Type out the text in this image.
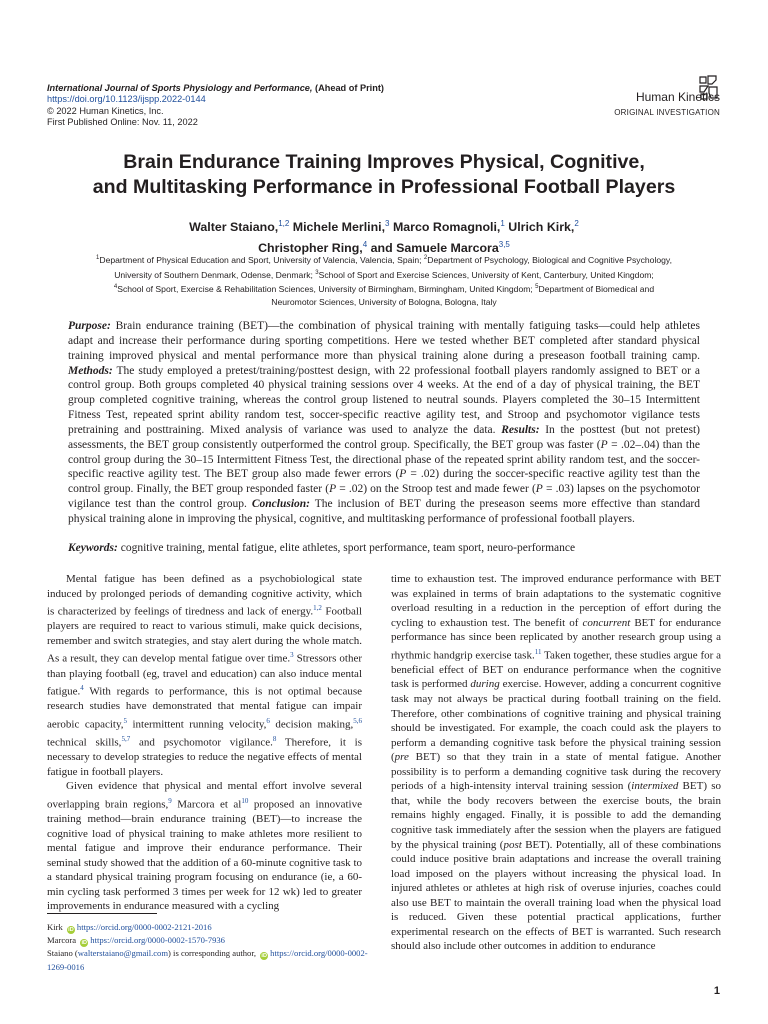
International Journal of Sports Physiology and Performance, (Ahead of Print)
https://doi.org/10.1123/ijspp.2022-0144
© 2022 Human Kinetics, Inc.
First Published Online: Nov. 11, 2022
Human Kinetics
ORIGINAL INVESTIGATION
Brain Endurance Training Improves Physical, Cognitive,
and Multitasking Performance in Professional Football Players
Walter Staiano,$^{1,2}$ Michele Merlini,$^3$ Marco Romagnoli,$^1$ Ulrich Kirk,$^2$
Christopher Ring,$^4$ and Samuele Marcora$^{3,5}$
$^1$Department of Physical Education and Sport, University of Valencia, Valencia, Spain; $^2$Department of Psychology, Biological and Cognitive Psychology,
University of Southern Denmark, Odense, Denmark; $^3$School of Sport and Exercise Sciences, University of Kent, Canterbury, United Kingdom;
$^4$School of Sport, Exercise & Rehabilitation Sciences, University of Birmingham, Birmingham, United Kingdom; $^5$Department of Biomedical and
Neuromotor Sciences, University of Bologna, Bologna, Italy

Purpose: Brain endurance training (BET)—the combination of physical training with mentally fatiguing tasks—could help athletes adapt and increase their performance during sporting competitions. Here we tested whether BET completed after standard physical training improved physical and mental performance more than physical training alone during a preseason football training camp. Methods: The study employed a pretest/training/posttest design, with 22 professional football players randomly assigned to BET or a control group. Both groups completed 40 physical training sessions over 4 weeks. At the end of a day of physical training, the BET group completed cognitive training, whereas the control group listened to neutral sounds. Players completed the 30–15 Intermittent Fitness Test, repeated sprint ability random test, soccer-specific reactive agility test, and Stroop and psychomotor vigilance tests pretraining and posttraining. Mixed analysis of variance was used to analyze the data. Results: In the posttest (but not pretest) assessments, the BET group consistently outperformed the control group. Specifically, the BET group was faster (P = .02–.04) than the control group during the 30–15 Intermittent Fitness Test, the directional phase of the repeated sprint ability random test, and the soccer-specific reactive agility test. The BET group also made fewer errors (P = .02) during the soccer-specific reactive agility test than the control group. Finally, the BET group responded faster (P = .02) on the Stroop test and made fewer (P = .03) lapses on the psychomotor vigilance test than the control group. Conclusion: The inclusion of BET during the preseason seems more effective than standard physical training alone in improving the physical, cognitive, and multitasking performance of professional football players.

Keywords: cognitive training, mental fatigue, elite athletes, sport performance, team sport, neuro-performance

Mental fatigue has been defined as a psychobiological state induced by prolonged periods of demanding cognitive activity, which is characterized by feelings of tiredness and lack of energy.$^{1,2}$ Football players are required to react to various stimuli, make quick decisions, remember and switch strategies, and stay alert during the whole match. As a result, they can develop mental fatigue over time.$^3$ Stressors other than playing football (eg, travel and education) can also induce mental fatigue.$^4$ With regards to performance, this is not optimal because research studies have demonstrated that mental fatigue can impair aerobic capacity,$^5$ intermittent running velocity,$^6$ decision making,$^{5,6}$ technical skills,$^{5,7}$ and psychomotor vigilance.$^8$ Therefore, it is necessary to develop strategies to reduce the negative effects of mental fatigue in football players.

Given evidence that physical and mental effort involve several overlapping brain regions,$^9$ Marcora et $al^{10}$ proposed an innovative training method—brain endurance training (BET)—to increase the cognitive load of physical training to make athletes more resilient to mental fatigue and improve their endurance performance. Their seminal study showed that the addition of a 60-minute cognitive task to a standard physical training program focusing on endurance (ie, a 60-min cycling task performed 3 times per week for 12 wk) led to greater improvements in endurance measured with a cycling

time to exhaustion test. The improved endurance performance with BET was explained in terms of brain adaptations to the systematic cognitive overload resulting in a reduction in the perception of effort during the cycling to exhaustion test. The benefit of concurrent BET for endurance performance has since been replicated by another research group using a rhythmic handgrip exercise task.$^{11}$ Taken together, these studies argue for a beneficial effect of BET on endurance performance when the cognitive task is performed during exercise. However, adding a concurrent cognitive task may not always be practical during football training on the field. Therefore, other combinations of cognitive training and physical training should be investigated. For example, the coach could ask the players to perform a demanding cognitive task before the physical training session (pre BET) so that they train in a state of mental fatigue. Another possibility is to perform a demanding cognitive task during the recovery periods of a high-intensity interval training session (intermixed BET) so that, while the body recovers between the exercise bouts, the brain remains highly engaged. Finally, it is possible to add the demanding cognitive task immediately after the session when the players are fatigued by the physical training (post BET). Potentially, all of these combinations could induce positive brain adaptations and increase the overall training load imposed on the players without increasing the physical load. In injured athletes or athletes at high risk of overuse injuries, coaches could also use BET to maintain the overall training load when the physical load is reduced. Given these potential practical applications, further experimental research on the effects of BET is warranted. Such research should also include other outcomes in addition to endurance

Kirk iD https://orcid.org/0000-0002-2121-2016
Marcora iD https://orcid.org/0000-0002-1570-7936
Staiano (walterstaiano@gmail.com) is corresponding author, iD https://orcid.org/0000-0002-1269-0016
1
